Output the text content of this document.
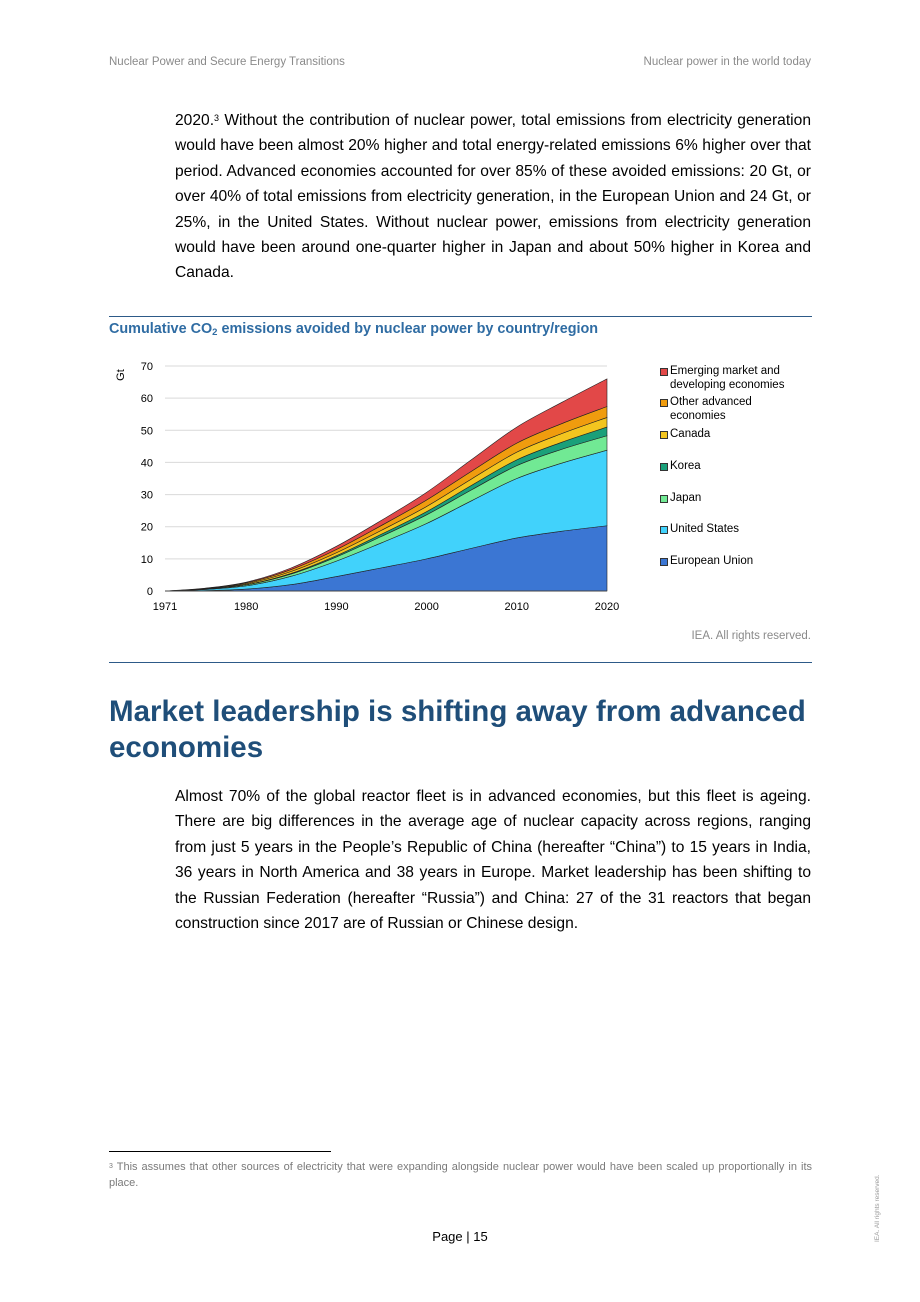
Nuclear Power and Secure Energy Transitions	Nuclear power in the world today

2020.$^3$ Without the contribution of nuclear power, total emissions from electricity generation would have been almost 20% higher and total energy-related emissions 6% higher over that period. Advanced economies accounted for over 85% of these avoided emissions: 20 Gt, or over 40% of total emissions from electricity generation, in the European Union and 24 Gt, or 25%, in the United States. Without nuclear power, emissions from electricity generation would have been around one-quarter higher in Japan and about 50% higher in Korea and Canada.

Cumulative $CO_2$ emissions avoided by nuclear power by country/region

0
10
20
30
40
50
60
70
1971	1980	1990	2000	2010	2020
Gt	Emerging market and
developing economies
Other advanced
economies
Canada
Korea
Japan
United States
European Union

IEA. All rights reserved.

Market leadership is shifting away from advanced economies

Almost 70% of the global reactor fleet is in advanced economies, but this fleet is ageing. There are big differences in the average age of nuclear capacity across regions, ranging from just 5 years in the People’s Republic of China (hereafter “China”) to 15 years in India, 36 years in North America and 38 years in Europe. Market leadership has been shifting to the Russian Federation (hereafter “Russia”) and China: 27 of the 31 reactors that began construction since 2017 are of Russian or Chinese design.

$^3$ This assumes that other sources of electricity that were expanding alongside nuclear power would have been scaled up proportionally in its place.

Page | 15	IEA. All rights reserved.
